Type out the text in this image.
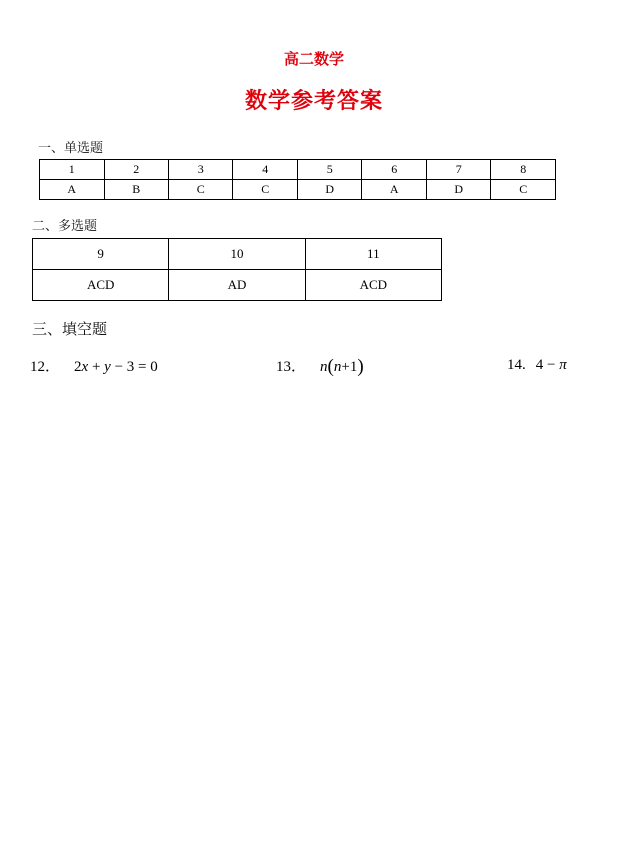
高二数学
数学参考答案
一、单选题
1	2	3	4	5	6	7	8
A	B	C	C	D	A	D	C
二、多选题
9	10	11
ACD	AD	ACD
三、填空题
12． 2x + y − 3 = 0	13． n(n+1)	14. 4 − π
